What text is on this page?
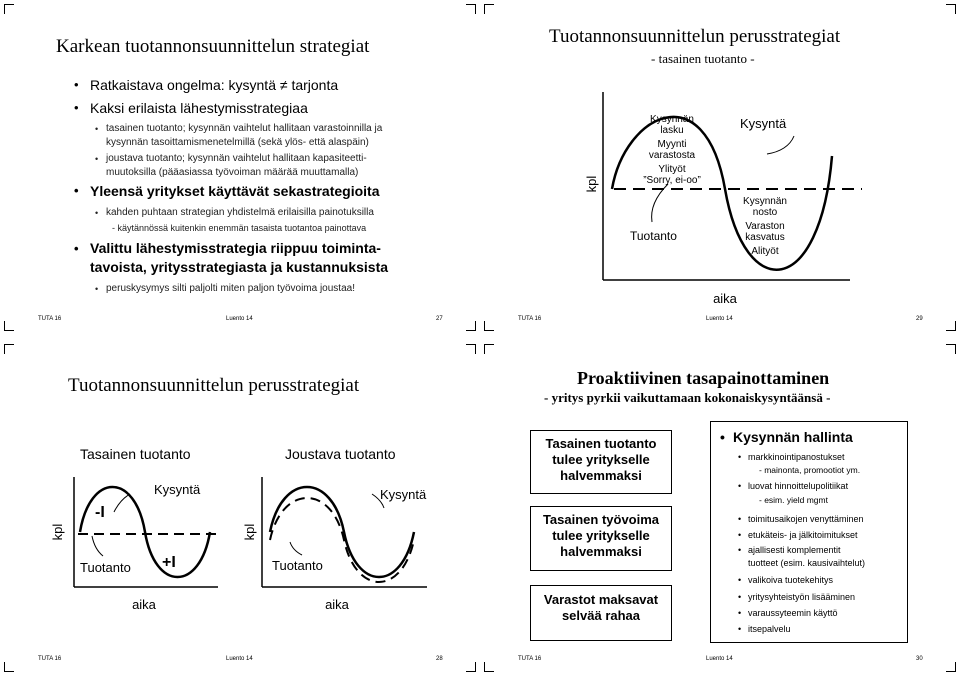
Karkean tuotannonsuunnittelun strategiat
• Ratkaistava ongelma: kysyntä ≠ tarjonta
• Kaksi erilaista lähestymisstrategiaa
• tasainen tuotanto; kysynnän vaihtelut hallitaan varastoinnilla ja
kysynnän tasoittamismenetelmillä (sekä ylös- että alaspäin)
• joustava tuotanto; kysynnän vaihtelut hallitaan kapasiteetti-
muutoksilla (pääasiassa työvoiman määrää muuttamalla)
• Yleensä yritykset käyttävät sekastrategioita
• kahden puhtaan strategian yhdistelmä erilaisilla painotuksilla
- käytännössä kuitenkin enemmän tasaista tuotantoa painottava
• Valittu lähestymisstrategia riippuu toiminta-
tavoista, yritysstrategiasta ja kustannuksista
• peruskysymys silti paljolti miten paljon työvoima joustaa!
TUTA 16	Luento 14	27
Tuotannonsuunnittelun perusstrategiat
- tasainen tuotanto -
kpl
aika
Kysyntä
Kysynnän
lasku
Myynti
varastosta
Ylityöt
”Sorry, ei-oo”
Tuotanto
Kysynnän
nosto
Varaston
kasvatus
Alityöt
TUTA 16	Luento 14	29
Tuotannonsuunnittelun perusstrategiat
Tasainen tuotanto	Joustava tuotanto
kpl
aika
Kysyntä
-I
+I
Tuotanto
kpl
aika
Kysyntä
Tuotanto
TUTA 16	Luento 14	28
Proaktiivinen tasapainottaminen
- yritys pyrkii vaikuttamaan kokonaiskysyntäänsä -
Tasainen tuotanto
tulee yritykselle
halvemmaksi
Tasainen työvoima
tulee yritykselle
halvemmaksi
Varastot maksavat
selvää rahaa
• Kysynnän hallinta
• markkinointipanostukset
- mainonta, promootiot ym.
• luovat hinnoittelupolitiikat
- esim. yield mgmt
• toimitusaikojen venyttäminen
• etukäteis- ja jälkitoimitukset
• ajallisesti komplementit
tuotteet (esim. kausivaihtelut)
• valikoiva tuotekehitys
• yritysyhteistyön lisääminen
• varaussyteemin käyttö
• itsepalvelu
TUTA 16	Luento 14	30
